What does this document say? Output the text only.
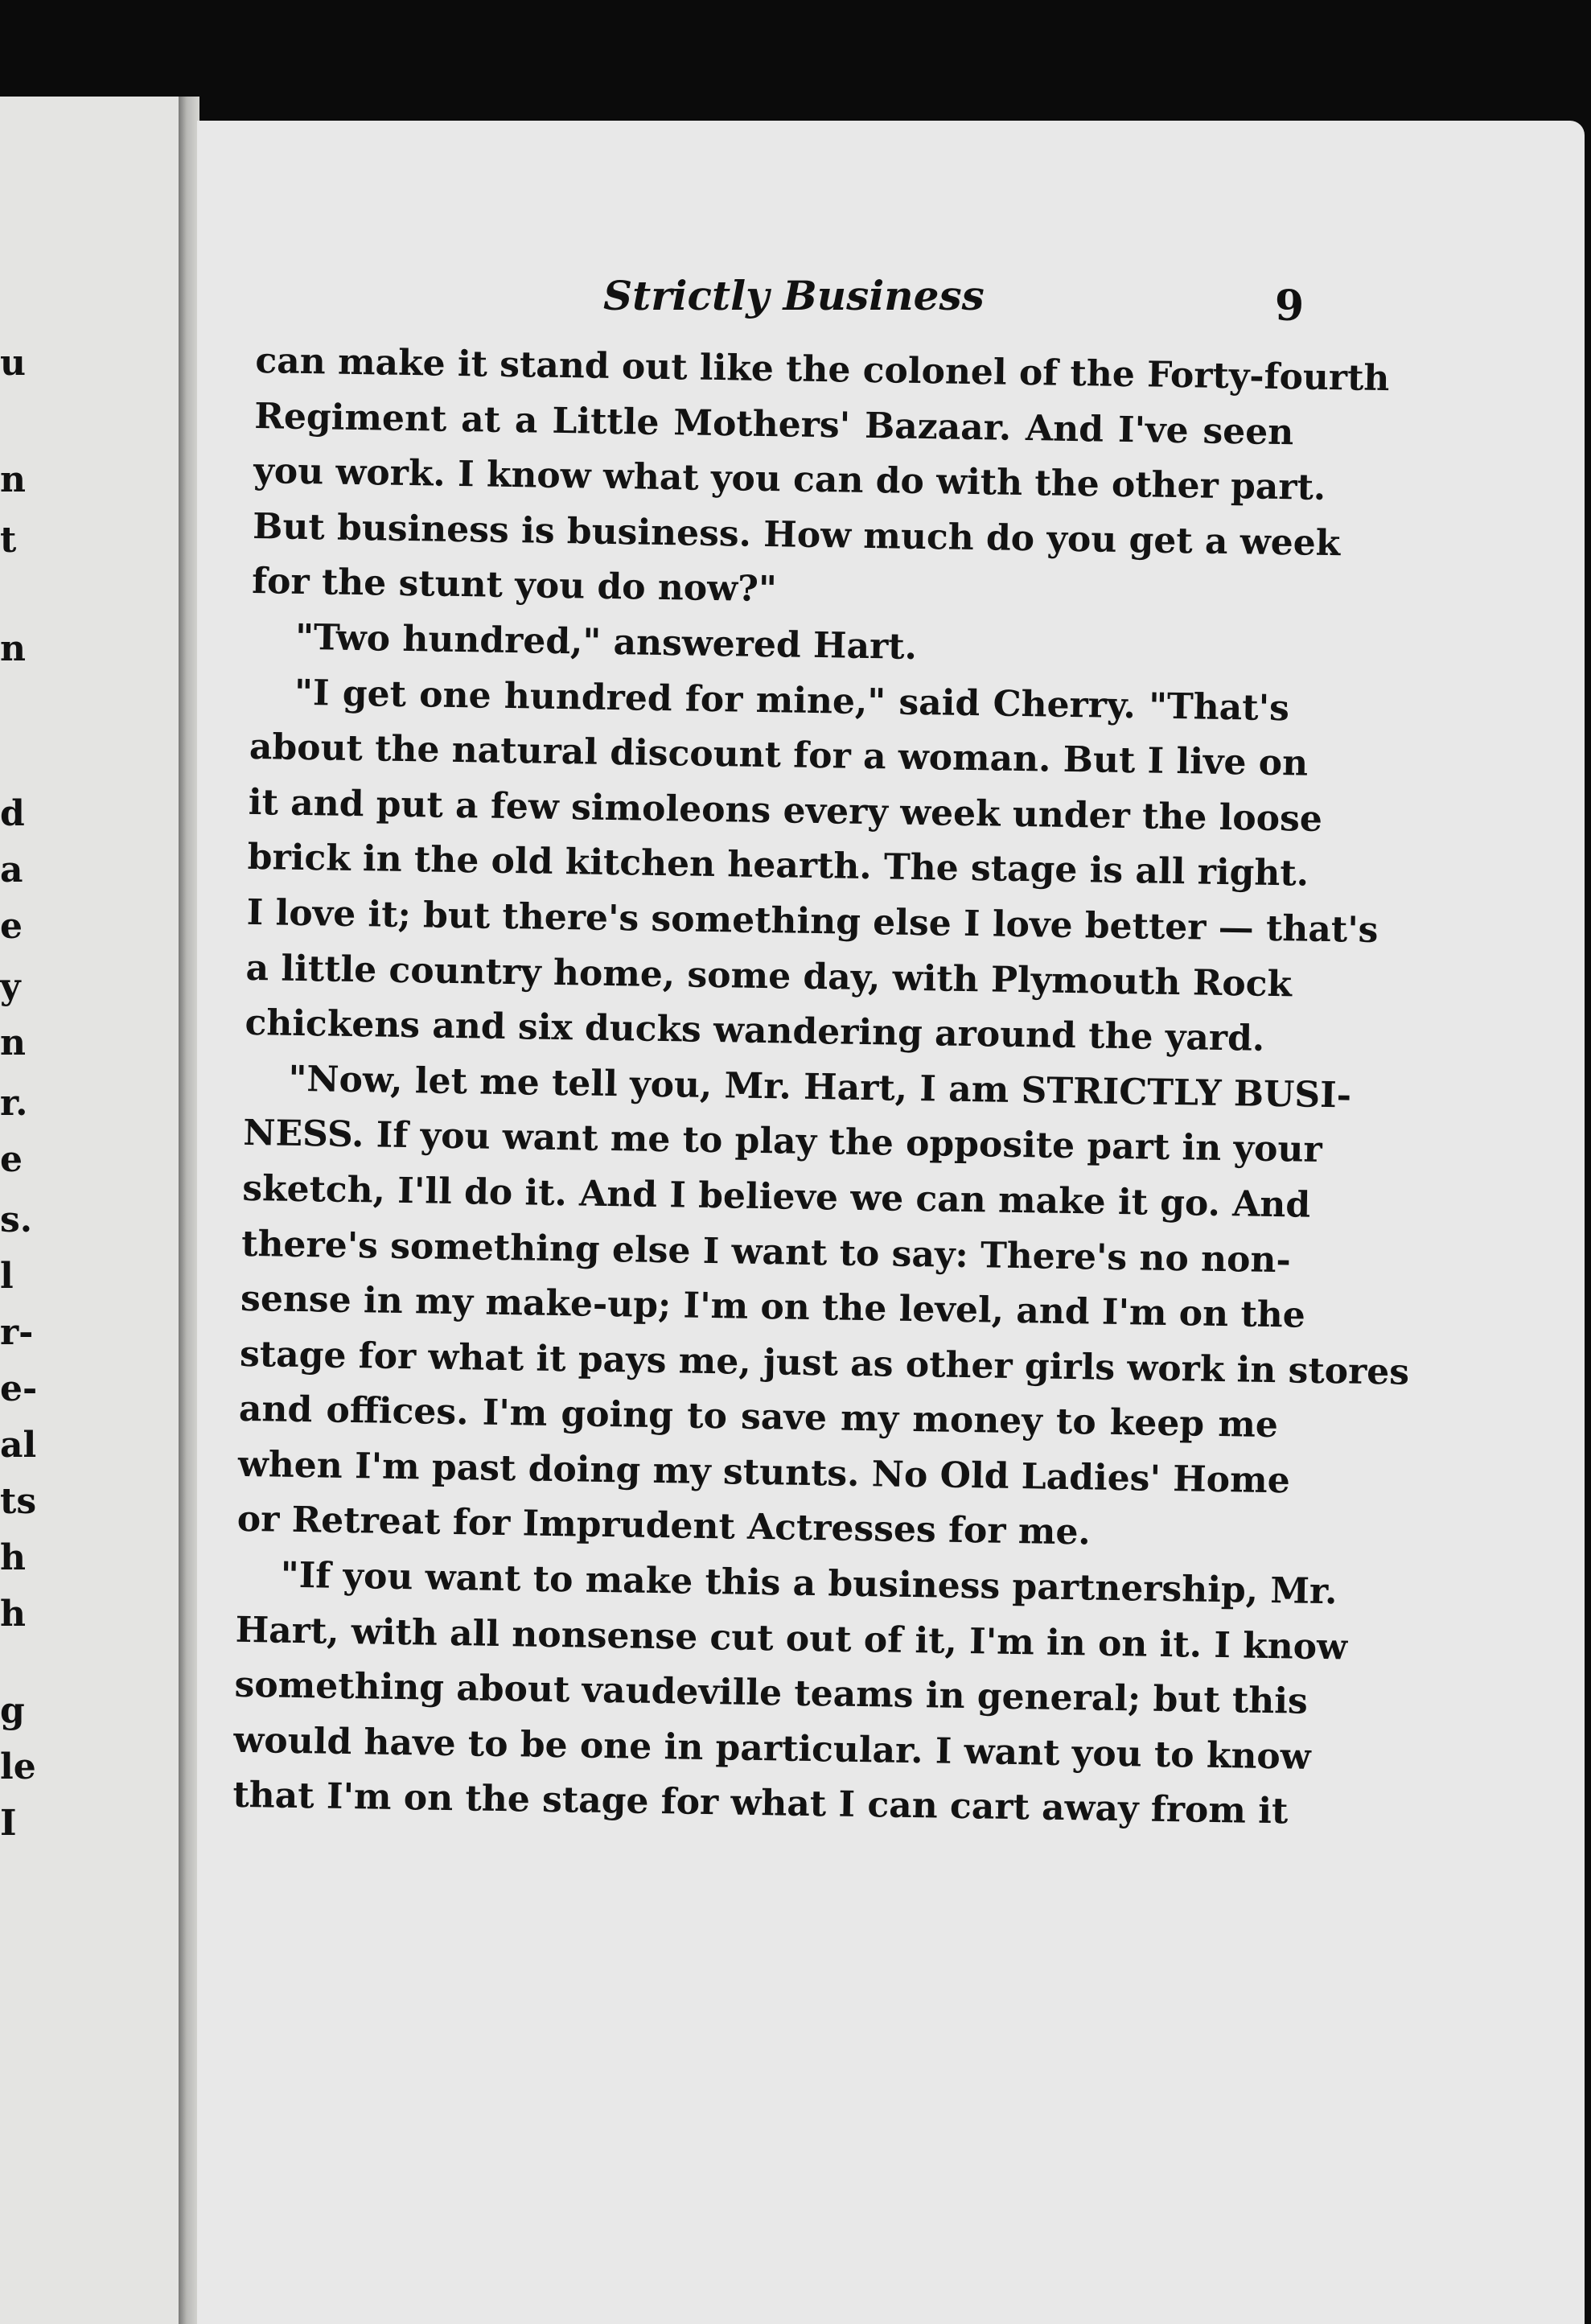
u
n
t
n
d
a
e
y
n
r.
e
s.
l
r-
e-
al
ts
h
h
g
le
I
Strictly Business	9
can make it stand out like the colonel of the Forty-fourth
Regiment at a Little Mothers' Bazaar. And I've seen
you work. I know what you can do with the other part.
But business is business. How much do you get a week
for the stunt you do now?"
"Two hundred," answered Hart.
"I get one hundred for mine," said Cherry. "That's
about the natural discount for a woman. But I live on
it and put a few simoleons every week under the loose
brick in the old kitchen hearth. The stage is all right.
I love it; but there's something else I love better — that's
a little country home, some day, with Plymouth Rock
chickens and six ducks wandering around the yard.
"Now, let me tell you, Mr. Hart, I am STRICTLY BUSI-
NESS. If you want me to play the opposite part in your
sketch, I'll do it. And I believe we can make it go. And
there's something else I want to say: There's no non-
sense in my make-up; I'm on the level, and I'm on the
stage for what it pays me, just as other girls work in stores
and offices. I'm going to save my money to keep me
when I'm past doing my stunts. No Old Ladies' Home
or Retreat for Imprudent Actresses for me.
"If you want to make this a business partnership, Mr.
Hart, with all nonsense cut out of it, I'm in on it. I know
something about vaudeville teams in general; but this
would have to be one in particular. I want you to know
that I'm on the stage for what I can cart away from it
